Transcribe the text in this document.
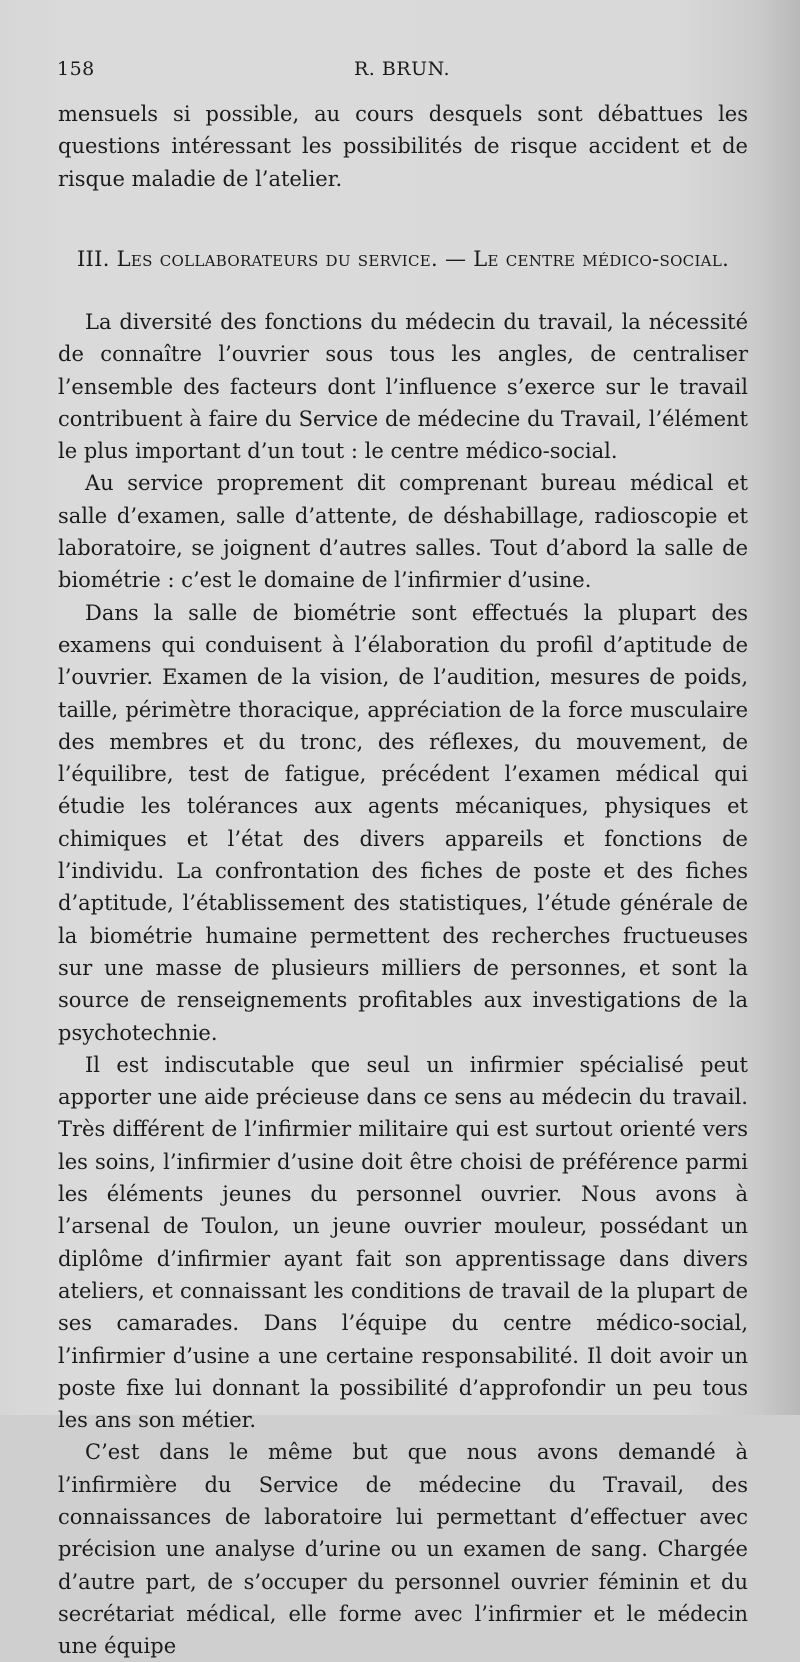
158	R. BRUN.

mensuels si possible, au cours desquels sont débattues les questions intéressant les possibilités de risque accident et de risque maladie de l’atelier.

III. Les collaborateurs du service. — Le centre médico-social.

La diversité des fonctions du médecin du travail, la nécessité de connaître l’ouvrier sous tous les angles, de centraliser l’ensemble des facteurs dont l’influence s’exerce sur le travail contribuent à faire du Service de médecine du Travail, l’élément le plus important d’un tout : le centre médico-social.

Au service proprement dit comprenant bureau médical et salle d’examen, salle d’attente, de déshabillage, radioscopie et laboratoire, se joignent d’autres salles. Tout d’abord la salle de biométrie : c’est le domaine de l’infirmier d’usine.

Dans la salle de biométrie sont effectués la plupart des examens qui conduisent à l’élaboration du profil d’aptitude de l’ouvrier. Examen de la vision, de l’audition, mesures de poids, taille, périmètre thoracique, appréciation de la force musculaire des membres et du tronc, des réflexes, du mouvement, de l’équilibre, test de fatigue, précédent l’examen médical qui étudie les tolérances aux agents mécaniques, physiques et chimiques et l’état des divers appareils et fonctions de l’individu. La confrontation des fiches de poste et des fiches d’aptitude, l’établissement des statistiques, l’étude générale de la biométrie humaine permettent des recherches fructueuses sur une masse de plusieurs milliers de personnes, et sont la source de renseignements profitables aux investigations de la psychotechnie.

Il est indiscutable que seul un infirmier spécialisé peut apporter une aide précieuse dans ce sens au médecin du travail. Très différent de l’infirmier militaire qui est surtout orienté vers les soins, l’infirmier d’usine doit être choisi de préférence parmi les éléments jeunes du personnel ouvrier. Nous avons à l’arsenal de Toulon, un jeune ouvrier mouleur, possédant un diplôme d’infirmier ayant fait son apprentissage dans divers ateliers, et connaissant les conditions de travail de la plupart de ses camarades. Dans l’équipe du centre médico-social, l’infirmier d’usine a une certaine responsabilité. Il doit avoir un poste fixe lui donnant la possibilité d’approfondir un peu tous les ans son métier.

C’est dans le même but que nous avons demandé à l’infirmière du Service de médecine du Travail, des connaissances de laboratoire lui permettant d’effectuer avec précision une analyse d’urine ou un examen de sang. Chargée d’autre part, de s’occuper du personnel ouvrier féminin et du secrétariat médical, elle forme avec l’infirmier et le médecin une équipe
